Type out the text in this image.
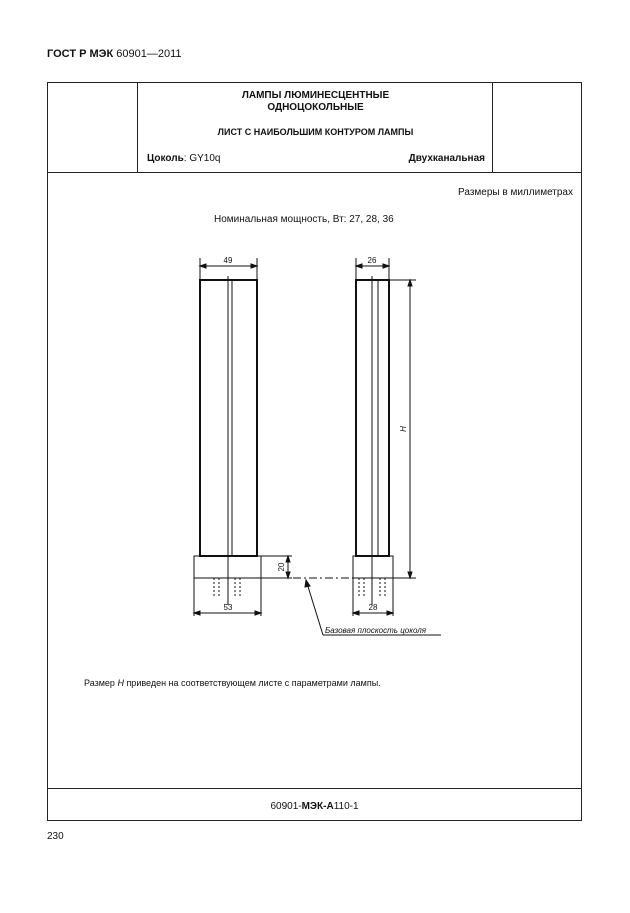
ГОСТ Р МЭК 60901—2011
ЛАМПЫ ЛЮМИНЕСЦЕНТНЫЕ
ОДНОЦОКОЛЬНЫЕ
ЛИСТ С НАИБОЛЬШИМ КОНТУРОМ ЛАМПЫ
Цоколь: GY10q	Двухканальная
Размеры в миллиметрах
Номинальная мощность, Вт: 27, 28, 36
49	26
53	28
20
H
Базовая плоскость цоколя
Размер H приведен на соответствующем листе с параметрами лампы.
60901-МЭК-А110-1
230
